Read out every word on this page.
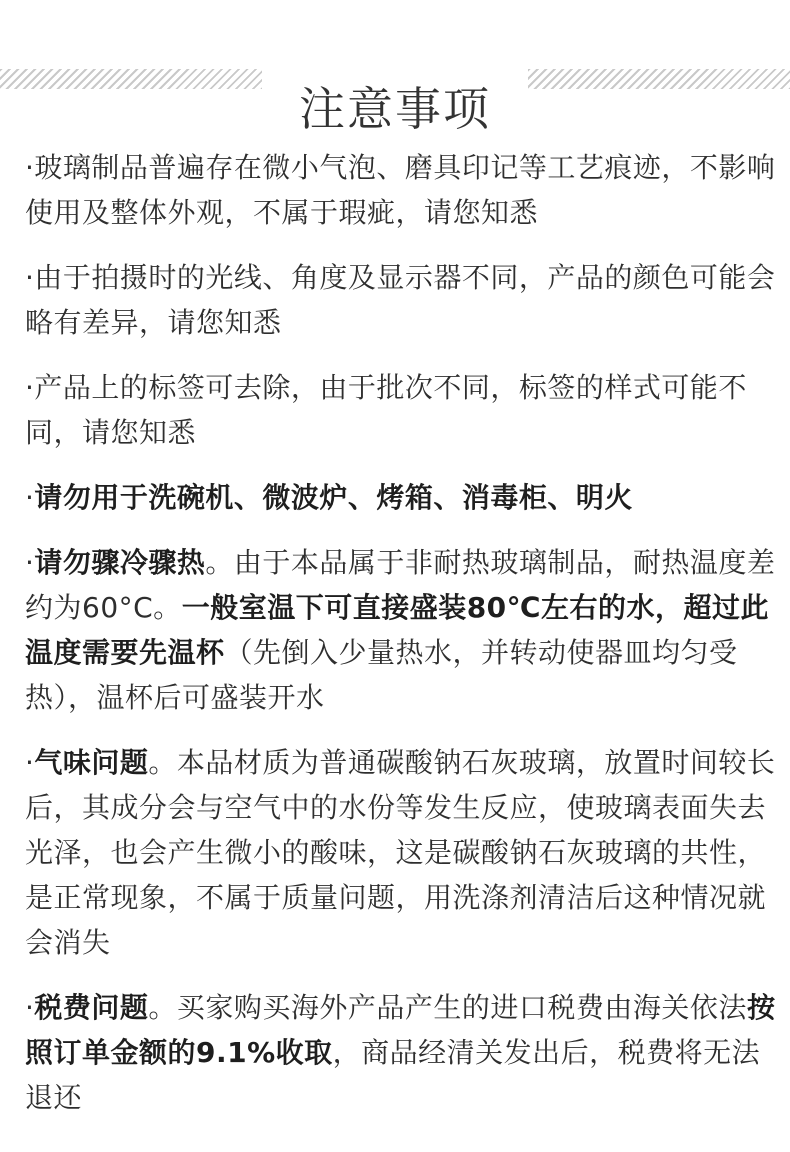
注意事项

·玻璃制品普遍存在微小气泡、磨具印记等工艺痕迹，不影响使用及整体外观，不属于瑕疵，请您知悉

·由于拍摄时的光线、角度及显示器不同，产品的颜色可能会略有差异，请您知悉

·产品上的标签可去除，由于批次不同，标签的样式可能不同，请您知悉

·请勿用于洗碗机、微波炉、烤箱、消毒柜、明火

·请勿骤冷骤热。由于本品属于非耐热玻璃制品，耐热温度差约为60°C。一般室温下可直接盛装80℃左右的水，超过此温度需要先温杯（先倒入少量热水，并转动使器皿均匀受热），温杯后可盛装开水

·气味问题。本品材质为普通碳酸钠石灰玻璃，放置时间较长后，其成分会与空气中的水份等发生反应，使玻璃表面失去光泽，也会产生微小的酸味，这是碳酸钠石灰玻璃的共性，是正常现象，不属于质量问题，用洗涤剂清洁后这种情况就会消失

·税费问题。买家购买海外产品产生的进口税费由海关依法按照订单金额的9.1%收取，商品经清关发出后，税费将无法退还
